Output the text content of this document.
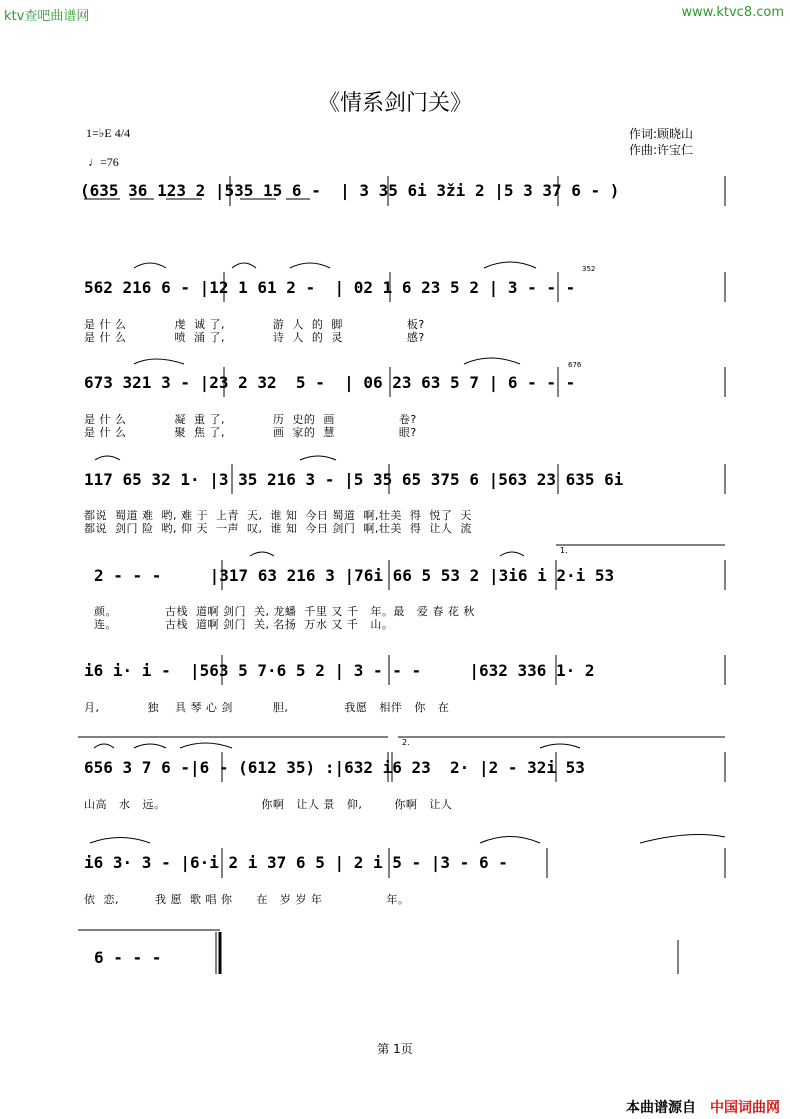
ktv查吧曲谱网	www.ktvc8.com
《情系剑门关》
1=♭E 4/4
♩=76
作词:顾晓山
作曲:许宝仁
(635 36 123 2 |535 15 6 -  | 3 35 6i 3ži 2 |5 3 37 6 - )
562 216 6 - |12 1 61 2 -  | 02 1 6 23 5 2 | 3 - - -
是 什 么            虔  诚 了,            游  人  的  脚                板?
是 什 么            喷  涌 了,            诗  人  的  灵                感?
352
673 321 3 - |23 2 32  5 -  | 06 23 63 5 7 | 6 - - -
是 什 么            凝  重 了,            历  史的  画                卷?
是 什 么            聚  焦 了,            画  家的  慧                眼?
676
117 65 32 1· |3 35 216 3 - |5 35 65 375 6 |563 23 635 6i
都说  蜀道 难  哟, 难 于  上青  天,  谁 知  今日 蜀道  啊,壮美  得  悦了  天
都说  剑门 险  哟, 仰 天  一声  叹,  谁 知  今日 剑门  啊,壮美  得  让人  流
2 - - -     |317 63 216 3 |76i 66 5 53 2 |3i6 i 2·i 53
颜。            古栈  道啊 剑门  关, 龙蟠  千里 又 千   年。最   爱 春 花 秋
连。            古栈  道啊 剑门  关, 名扬  万水 又 千   山。
1.
i6 i· i -  |563 5 7·6 5 2 | 3 - - -     |632 336 1· 2
月,            独    具 琴 心 剑          胆,              我愿   相伴   你   在
656 3 7 6 -|6 - (612 35) :|632 i6 23  2· |2 - 32i 53
山高   水   远。                        你啊   让人 景   仰,        你啊   让人
2.
i6 3· 3 - |6·i 2 i 37 6 5 | 2 i 5 - |3 - 6 -
依  恋,         我 愿  歌 唱 你      在   岁 岁 年                年。
6 - - -
第 1页
本曲谱源自 中国词曲网
